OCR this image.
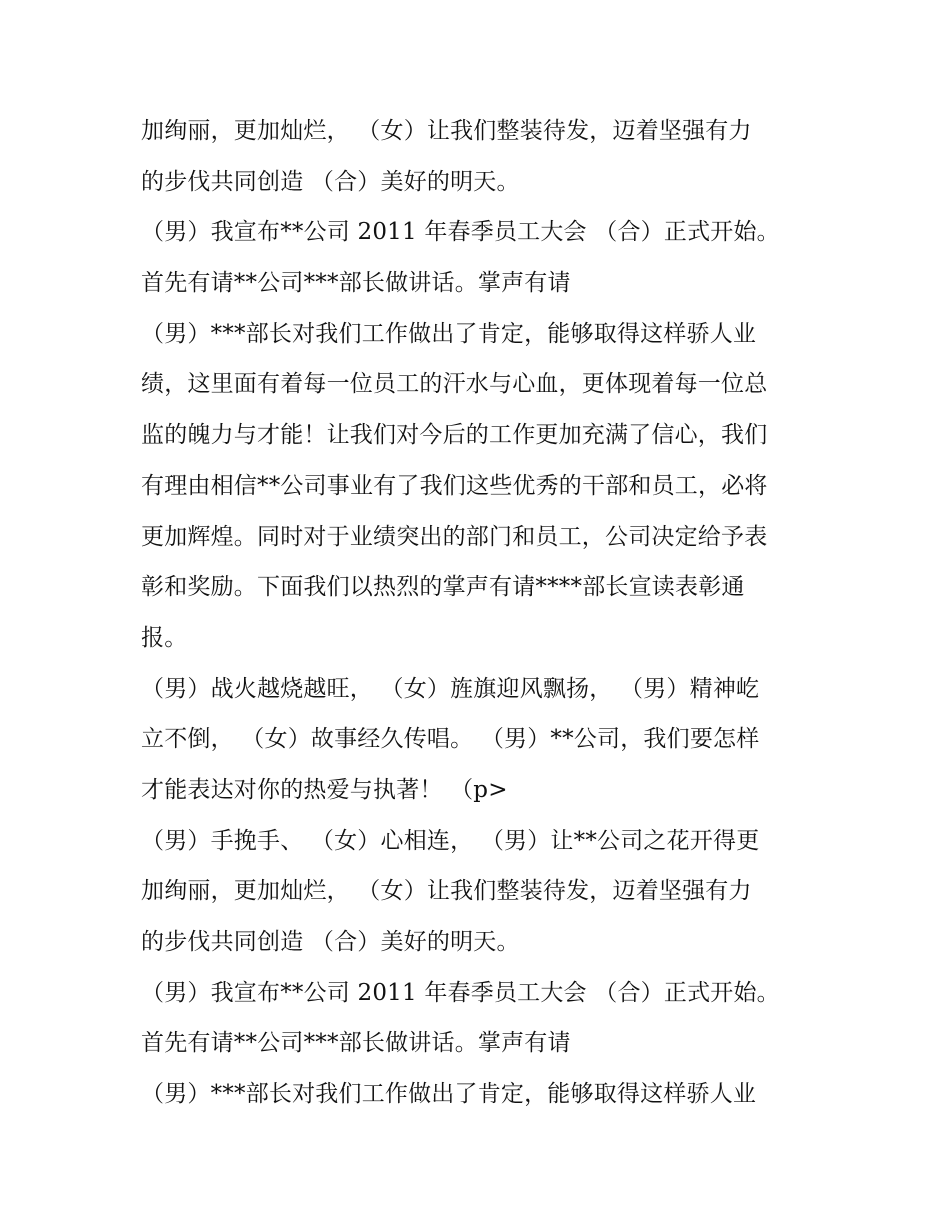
加绚丽，更加灿烂， （女）让我们整装待发，迈着坚强有力
的步伐共同创造 （合）美好的明天。
（男）我宣布**公司 2011 年春季员工大会 （合）正式开始。
首先有请**公司***部长做讲话。掌声有请
（男）***部长对我们工作做出了肯定，能够取得这样骄人业
绩，这里面有着每一位员工的汗水与心血，更体现着每一位总
监的魄力与才能！让我们对今后的工作更加充满了信心，我们
有理由相信**公司事业有了我们这些优秀的干部和员工，必将
更加辉煌。同时对于业绩突出的部门和员工，公司决定给予表
彰和奖励。下面我们以热烈的掌声有请****部长宣读表彰通
报。
（男）战火越烧越旺， （女）旌旗迎风飘扬， （男）精神屹
立不倒， （女）故事经久传唱。 （男）**公司，我们要怎样
才能表达对你的热爱与执著！ （p>
（男）手挽手、 （女）心相连， （男）让**公司之花开得更
加绚丽，更加灿烂， （女）让我们整装待发，迈着坚强有力
的步伐共同创造 （合）美好的明天。
（男）我宣布**公司 2011 年春季员工大会 （合）正式开始。
首先有请**公司***部长做讲话。掌声有请
（男）***部长对我们工作做出了肯定，能够取得这样骄人业
